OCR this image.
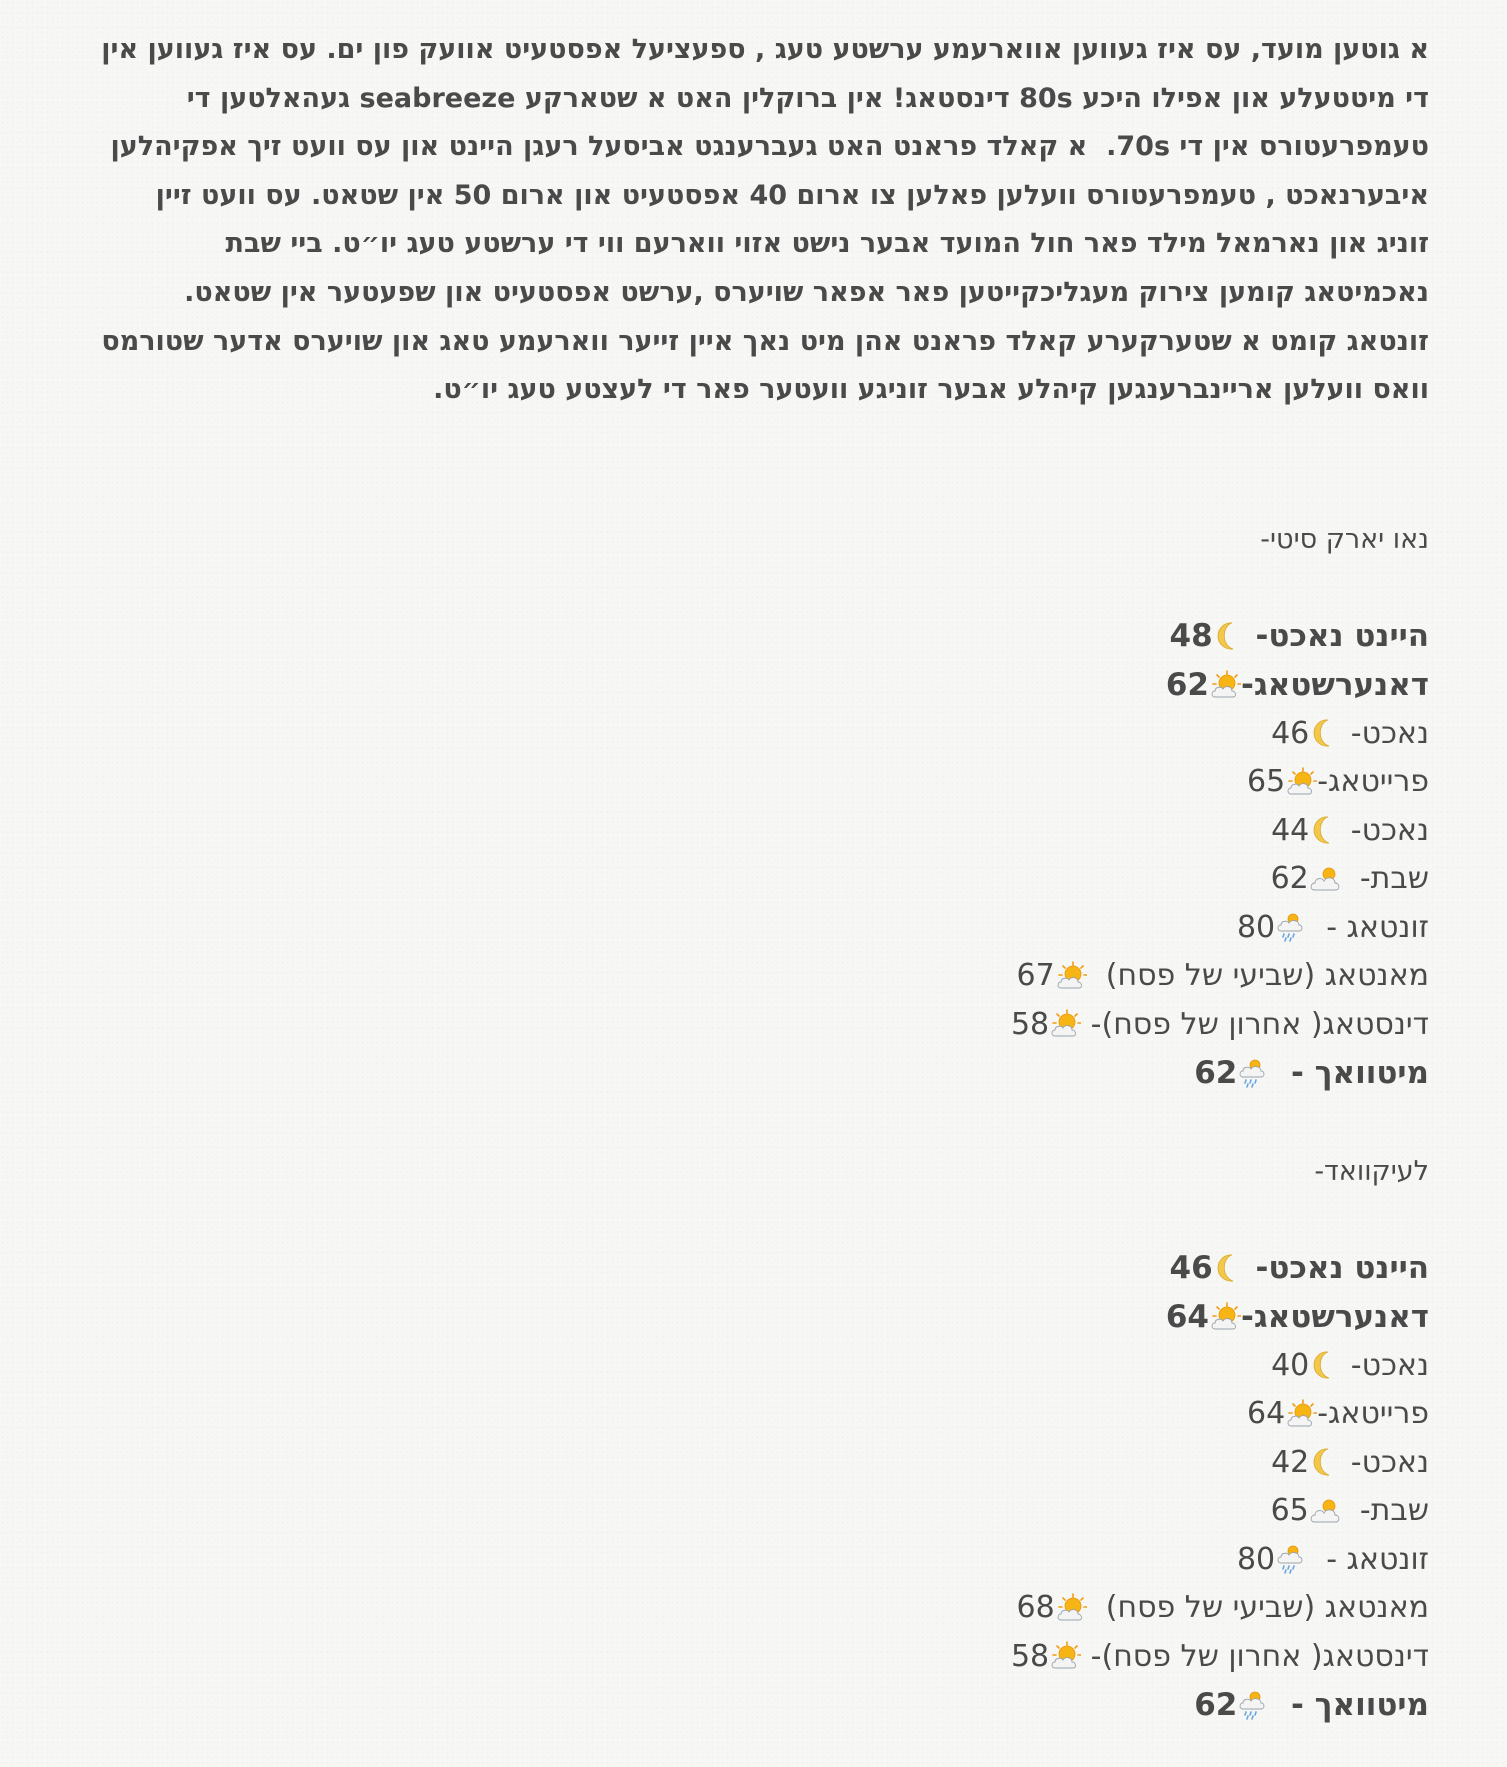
א גוטען מועד, עס איז געווען אווארעמע ערשטע טעג , ספעציעל אפסטעיט אוועק פון ים. עס איז געווען אין די מיטטעלע און אפילו היכע 80s דינסטאג! אין ברוקלין האט א שטארקע seabreeze געהאלטען די טעמפרעטורס אין די 70s.  א קאלד פראנט האט געברענגט אביסעל רעגן היינט און עס וועט זיך אפקיהלען איבערנאכט , טעמפרעטורס וועלען פאלען צו ארום 40 אפסטעיט און ארום 50 אין שטאט. עס וועט זיין זוניג און נארמאל מילד פאר חול המועד אבער נישט אזוי ווארעם ווי די ערשטע טעג יו״ט. ביי שבת נאכמיטאג קומען צירוק מעגליכקייטען פאר אפאר שויערס ,ערשט אפסטעיט און שפעטער אין שטאט. זונטאג קומט א שטערקערע קאלד פראנט אהן מיט נאך איין זייער ווארעמע טאג און שויערס אדער שטורמס וואס וועלען אריינברענגען קיהלע אבער זוניגע וועטער פאר די לעצטע טעג יו״ט.

נאו יארק סיטי-

היינט נאכט-
48
דאנערשטאג-
62
נאכט-
46
פרייטאג-
65
נאכט-
44
שבת-
62
זונטאג -
80
מאנטאג (שביעי של פסח)
67
דינסטאג( אחרון של פסח)-
58
מיטוואך -
62

לעיקוואד-

היינט נאכט-
46
דאנערשטאג-
64
נאכט-
40
פרייטאג-
64
נאכט-
42
שבת-
65
זונטאג -
80
מאנטאג (שביעי של פסח)
68
דינסטאג( אחרון של פסח)-
58
מיטוואך -
62
